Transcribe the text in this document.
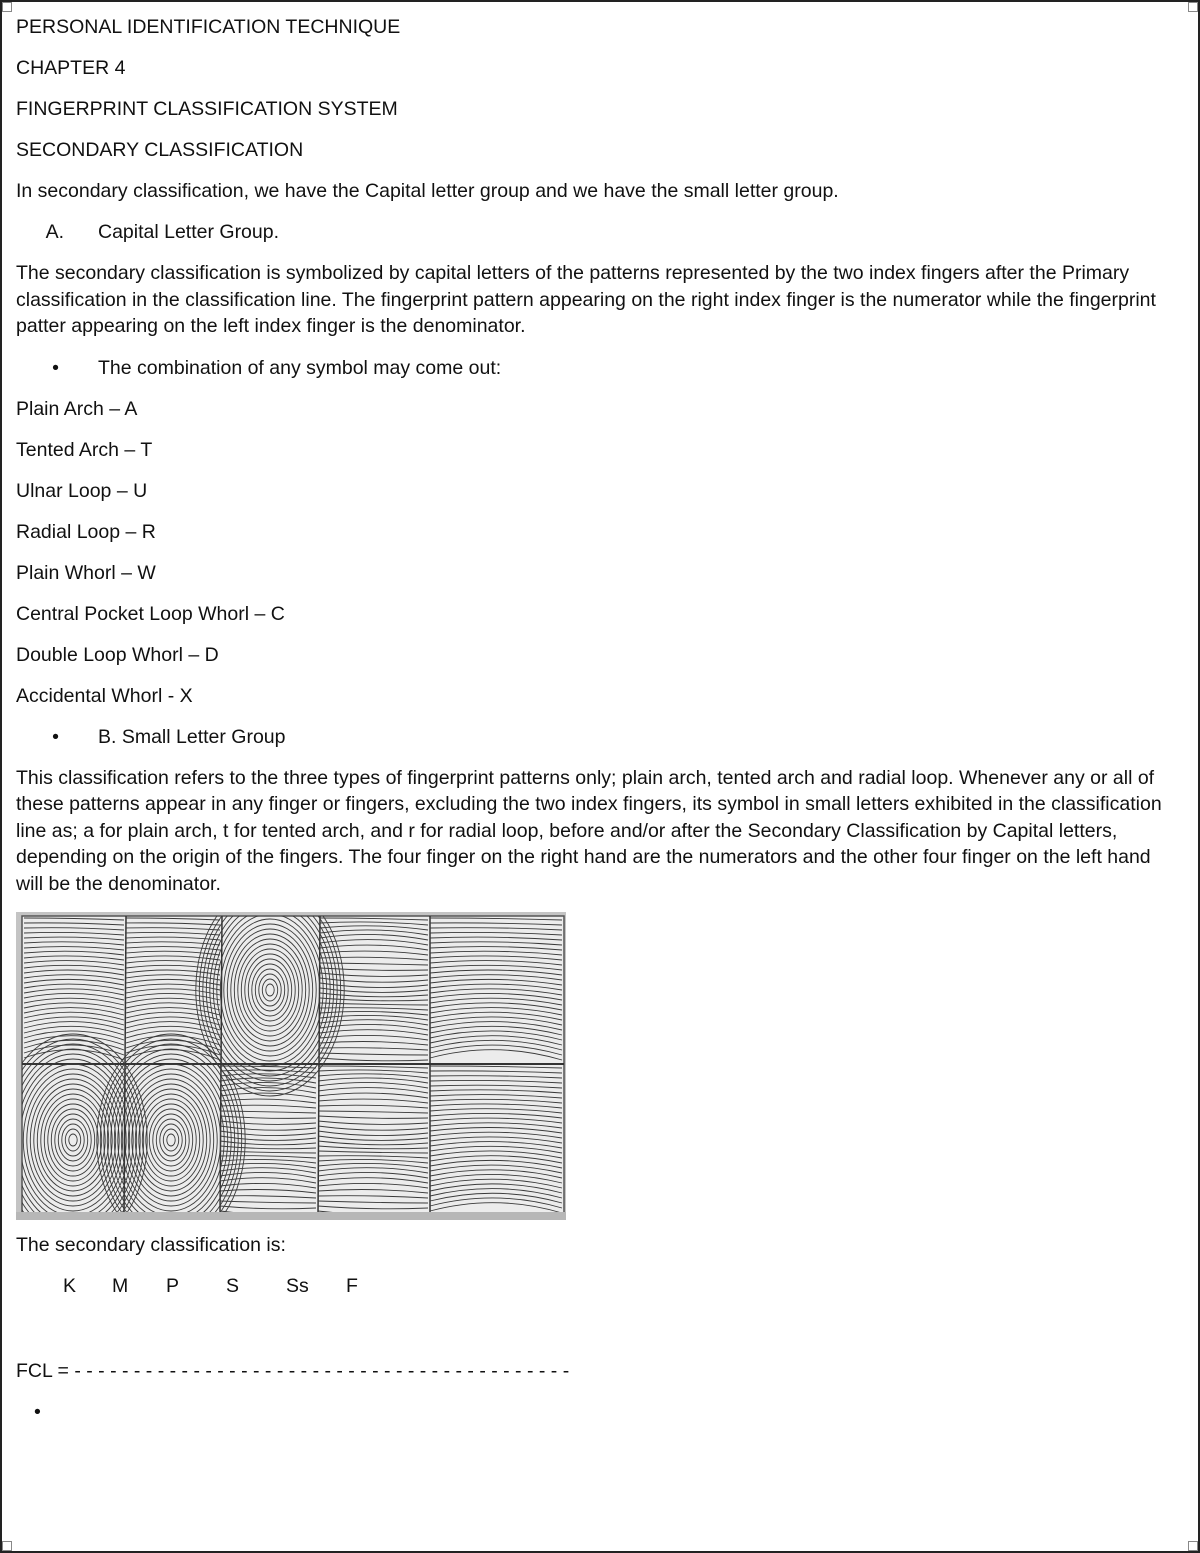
PERSONAL IDENTIFICATION TECHNIQUE

CHAPTER 4

FINGERPRINT CLASSIFICATION SYSTEM

SECONDARY CLASSIFICATION

In secondary classification, we have the Capital letter group and we have the small letter group.

A.	Capital Letter Group.

The secondary classification is symbolized by capital letters of the patterns represented by the two index fingers after the Primary classification in the classification line. The fingerprint pattern appearing on the right index finger is the numerator while the fingerprint patter appearing on the left index finger is the denominator.

•	The combination of any symbol may come out:

Plain Arch – A

Tented Arch – T

Ulnar Loop – U

Radial Loop – R

Plain Whorl – W

Central Pocket Loop Whorl – C

Double Loop Whorl – D

Accidental Whorl - X

•	B. Small Letter Group

This classification refers to the three types of fingerprint patterns only; plain arch, tented arch and radial loop. Whenever any or all of these patterns appear in any finger or fingers, excluding the two index fingers, its symbol in small letters exhibited in the classification line as; a for plain arch, t for tented arch, and r for radial loop, before and/or after the Secondary Classification by Capital letters, depending on the origin of the fingers. The four finger on the right hand are the numerators and the other four finger on the left hand will be the denominator.

The secondary classification is:

K M P S Ss F
FCL = - - - - - - - - - - - - - - - - - - - - - - - - - - - - - - - - - - - - - - - - - -
•
